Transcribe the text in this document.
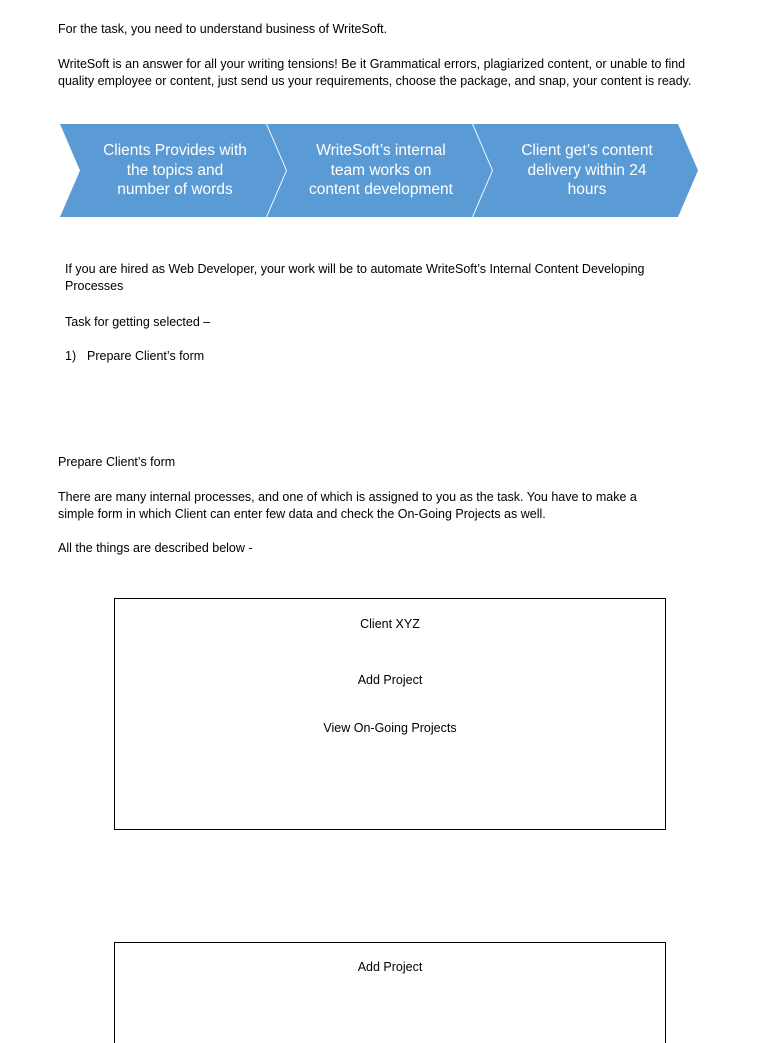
For the task, you need to understand business of WriteSoft.

WriteSoft is an answer for all your writing tensions! Be it Grammatical errors, plagiarized content, or unable to find quality employee or content, just send us your requirements, choose the package, and snap, your content is ready.

Clients Provides with the topics and number of words
WriteSoft’s internal team works on content development
Client get’s content delivery within 24 hours

If you are hired as Web Developer, your work will be to automate WriteSoft’s Internal Content Developing Processes

Task for getting selected –

1) Prepare Client’s form

Prepare Client’s form

There are many internal processes, and one of which is assigned to you as the task. You have to make a simple form in which Client can enter few data and check the On-Going Projects as well.

All the things are described below -

Client XYZ
Add Project
View On-Going Projects
Add Project
